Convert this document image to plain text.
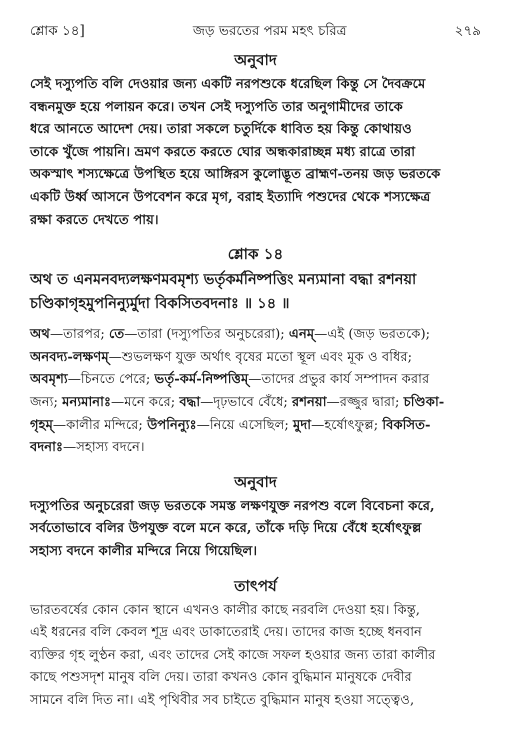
শ্লোক ১৪]	জড় ভরতের পরম মহৎ চরিত্র	২৭৯
অনুবাদ
সেই দস্যুপতি বলি দেওয়ার জন্য একটি নরপশুকে ধরেছিল কিন্তু সে দৈবক্রমে
বন্ধনমুক্ত হয়ে পলায়ন করে। তখন সেই দস্যুপতি তার অনুগামীদের তাকে
ধরে আনতে আদেশ দেয়। তারা সকলে চতুর্দিকে ধাবিত হয় কিন্তু কোথায়ও
তাকে খুঁজে পায়নি। ভ্রমণ করতে করতে ঘোর অন্ধকারাচ্ছন্ন মধ্য রাত্রে তারা
অকস্মাৎ শস্যক্ষেত্রে উপস্থিত হয়ে আঙ্গিরস কুলোদ্ভূত ব্রাহ্মণ-তনয় জড় ভরতকে
একটি উর্ধ্ব আসনে উপবেশন করে মৃগ, বরাহ ইত্যাদি পশুদের থেকে শস্যক্ষেত্র
রক্ষা করতে দেখতে পায়।
শ্লোক ১৪
অথ ত এনমনবদ্যলক্ষণমবমৃশ্য ভর্তৃকর্মনিষ্পত্তিং মন্যমানা বদ্ধা রশনয়া
চণ্ডিকাগৃহমুপনিন্যুর্মুদা বিকসিতবদনাঃ ॥ ১৪ ॥
অথ—তারপর; তে—তারা (দস্যুপতির অনুচরেরা); এনম্—এই (জড় ভরতকে);
অনবদ্য-লক্ষণম্—শুভলক্ষণ যুক্ত অর্থাৎ বৃষের মতো স্থূল এবং মূক ও বধির;
অবমৃশ্য—চিনতে পেরে; ভর্তৃ-কর্ম-নিষ্পত্তিম্—তাদের প্রভুর কার্য সম্পাদন করার
জন্য; মন্যমানাঃ—মনে করে; বদ্ধা—দৃঢ়ভাবে বেঁধে; রশনয়া—রজ্জুর দ্বারা; চণ্ডিকা-
গৃহম্—কালীর মন্দিরে; উপনিন্যুঃ—নিয়ে এসেছিল; মুদা—হর্ষোৎফুল্ল; বিকসিত-
বদনাঃ—সহাস্য বদনে।
অনুবাদ
দস্যুপতির অনুচরেরা জড় ভরতকে সমস্ত লক্ষণযুক্ত নরপশু বলে বিবেচনা করে,
সর্বতোভাবে বলির উপযুক্ত বলে মনে করে, তাঁকে দড়ি দিয়ে বেঁধে হর্ষোৎফুল্ল
সহাস্য বদনে কালীর মন্দিরে নিয়ে গিয়েছিল।
তাৎপর্য
ভারতবর্ষের কোন কোন স্থানে এখনও কালীর কাছে নরবলি দেওয়া হয়। কিন্তু,
এই ধরনের বলি কেবল শূদ্র এবং ডাকাতেরাই দেয়। তাদের কাজ হচ্ছে ধনবান
ব্যক্তির গৃহ লুণ্ঠন করা, এবং তাদের সেই কাজে সফল হওয়ার জন্য তারা কালীর
কাছে পশুসদৃশ মানুষ বলি দেয়। তারা কখনও কোন বুদ্ধিমান মানুষকে দেবীর
সামনে বলি দিত না। এই পৃথিবীর সব চাইতে বুদ্ধিমান মানুষ হওয়া সত্ত্বেও,
